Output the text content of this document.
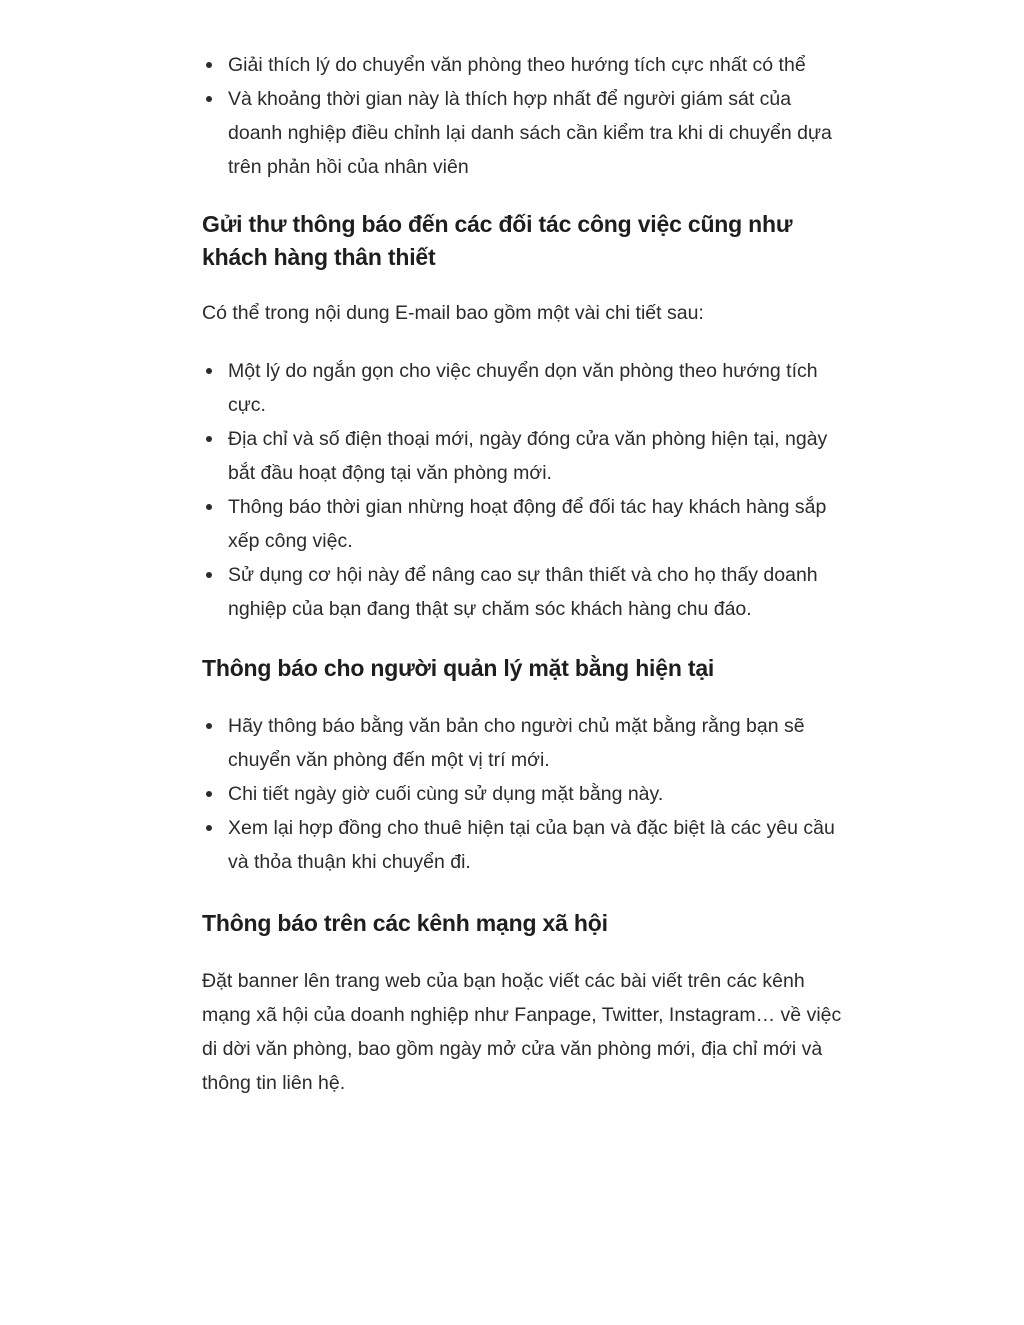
Giải thích lý do chuyển văn phòng theo hướng tích cực nhất có thể
Và khoảng thời gian này là thích hợp nhất để người giám sát của doanh nghiệp điều chỉnh lại danh sách cần kiểm tra khi di chuyển dựa trên phản hồi của nhân viên
Gửi thư thông báo đến các đối tác công việc cũng như khách hàng thân thiết

Có thể trong nội dung E-mail bao gồm một vài chi tiết sau:

Một lý do ngắn gọn cho việc chuyển dọn văn phòng theo hướng tích cực.
Địa chỉ và số điện thoại mới, ngày đóng cửa văn phòng hiện tại, ngày bắt đầu hoạt động tại văn phòng mới.
Thông báo thời gian nhừng hoạt động để đối tác hay khách hàng sắp xếp công việc.
Sử dụng cơ hội này để nâng cao sự thân thiết và cho họ thấy doanh nghiệp của bạn đang thật sự chăm sóc khách hàng chu đáo.
Thông báo cho người quản lý mặt bằng hiện tại
Hãy thông báo bằng văn bản cho người chủ mặt bằng rằng bạn sẽ chuyển văn phòng đến một vị trí mới.
Chi tiết ngày giờ cuối cùng sử dụng mặt bằng này.
Xem lại hợp đồng cho thuê hiện tại của bạn và đặc biệt là các yêu cầu và thỏa thuận khi chuyển đi.
Thông báo trên các kênh mạng xã hội

Đặt banner lên trang web của bạn hoặc viết các bài viết trên các kênh mạng xã hội của doanh nghiệp như Fanpage, Twitter, Instagram… về việc di dời văn phòng, bao gồm ngày mở cửa văn phòng mới, địa chỉ mới và thông tin liên hệ.
